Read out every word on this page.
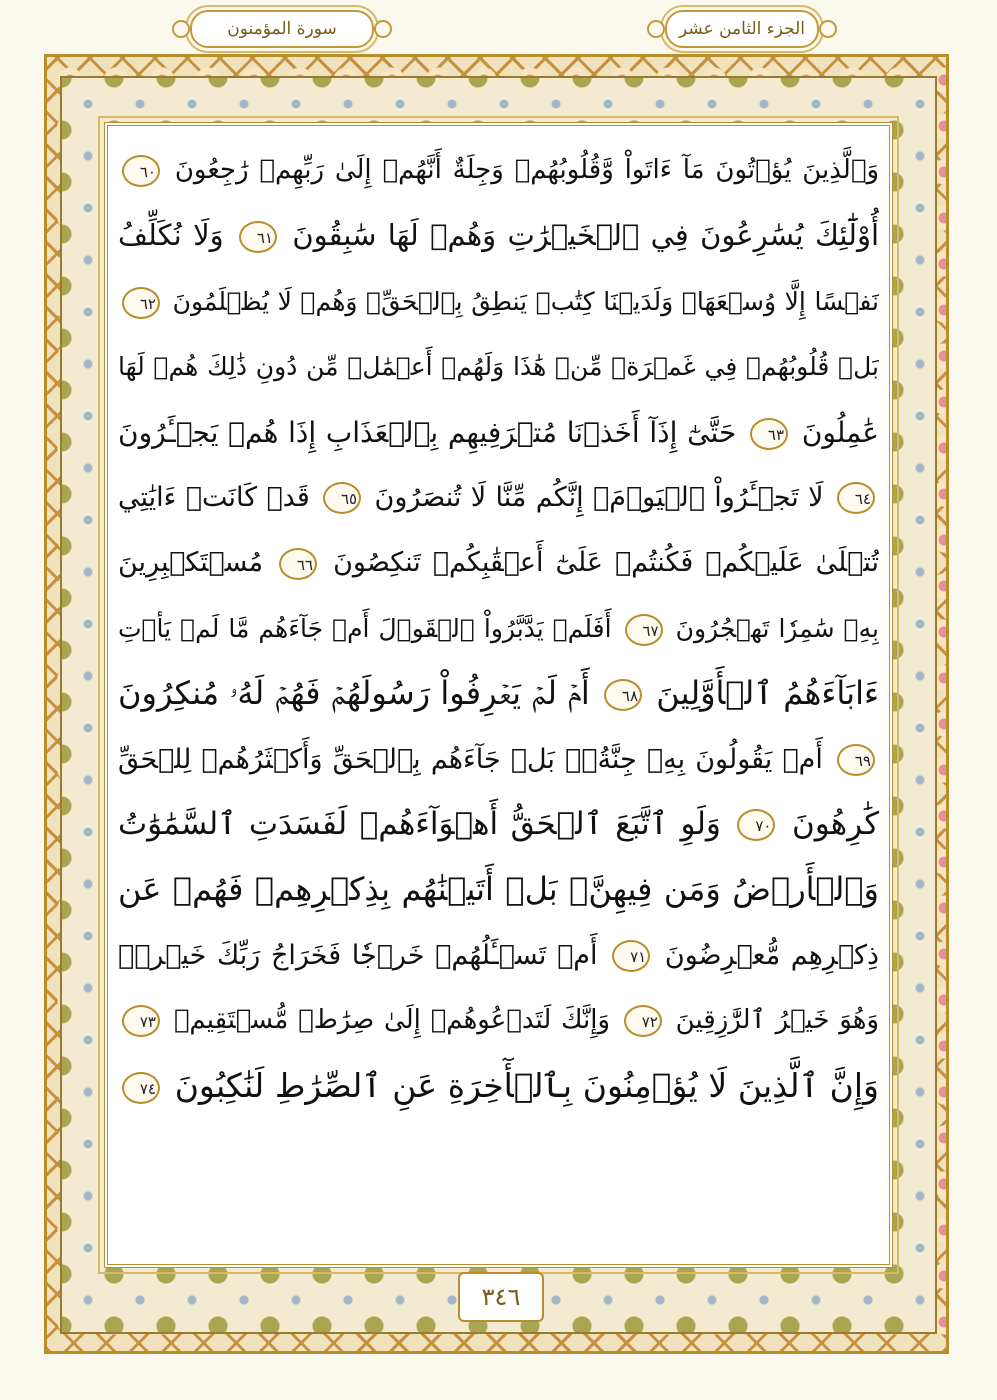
سورة المؤمنون	الجزء الثامن عشر
وَٱلَّذِينَ يُؤۡتُونَ مَآ ءَاتَواْ وَّقُلُوبُهُمۡ وَجِلَةٌ أَنَّهُمۡ إِلَىٰ رَبِّهِمۡ رَٰجِعُونَ ٦٠
أُوْلَٰٓئِكَ يُسَٰرِعُونَ فِي ٱلۡخَيۡرَٰتِ وَهُمۡ لَهَا سَٰبِقُونَ ٦١ وَلَا نُكَلِّفُ
نَفۡسًا إِلَّا وُسۡعَهَاۖ وَلَدَيۡنَا كِتَٰبٞ يَنطِقُ بِٱلۡحَقِّۚ وَهُمۡ لَا يُظۡلَمُونَ ٦٢
بَلۡ قُلُوبُهُمۡ فِي غَمۡرَةٖ مِّنۡ هَٰذَا وَلَهُمۡ أَعۡمَٰلٞ مِّن دُونِ ذَٰلِكَ هُمۡ لَهَا
عَٰمِلُونَ ٦٣ حَتَّىٰٓ إِذَآ أَخَذۡنَا مُتۡرَفِيهِم بِٱلۡعَذَابِ إِذَا هُمۡ يَجۡـَٔرُونَ
٦٤ لَا تَجۡـَٔرُواْ ٱلۡيَوۡمَۖ إِنَّكُم مِّنَّا لَا تُنصَرُونَ ٦٥ قَدۡ كَانَتۡ ءَايَٰتِي
تُتۡلَىٰ عَلَيۡكُمۡ فَكُنتُمۡ عَلَىٰٓ أَعۡقَٰبِكُمۡ تَنكِصُونَ ٦٦ مُسۡتَكۡبِرِينَ
بِهِۦ سَٰمِرٗا تَهۡجُرُونَ ٦٧ أَفَلَمۡ يَدَّبَّرُواْ ٱلۡقَوۡلَ أَمۡ جَآءَهُم مَّا لَمۡ يَأۡتِ
ءَابَآءَهُمُ ٱلۡأَوَّلِينَ ٦٨ أَمۡ لَمۡ يَعۡرِفُواْ رَسُولَهُمۡ فَهُمۡ لَهُۥ مُنكِرُونَ
٦٩ أَمۡ يَقُولُونَ بِهِۦ جِنَّةُۢۚ بَلۡ جَآءَهُم بِٱلۡحَقِّ وَأَكۡثَرُهُمۡ لِلۡحَقِّ
كَٰرِهُونَ ٧٠ وَلَوِ ٱتَّبَعَ ٱلۡحَقُّ أَهۡوَآءَهُمۡ لَفَسَدَتِ ٱلسَّمَٰوَٰتُ
وَٱلۡأَرۡضُ وَمَن فِيهِنَّۚ بَلۡ أَتَيۡنَٰهُم بِذِكۡرِهِمۡ فَهُمۡ عَن
ذِكۡرِهِم مُّعۡرِضُونَ ٧١ أَمۡ تَسۡـَٔلُهُمۡ خَرۡجٗا فَخَرَاجُ رَبِّكَ خَيۡرٞۖ
وَهُوَ خَيۡرُ ٱلرَّٰزِقِينَ ٧٢ وَإِنَّكَ لَتَدۡعُوهُمۡ إِلَىٰ صِرَٰطٖ مُّسۡتَقِيمٖ ٧٣
وَإِنَّ ٱلَّذِينَ لَا يُؤۡمِنُونَ بِٱلۡأٓخِرَةِ عَنِ ٱلصِّرَٰطِ لَنَٰكِبُونَ ٧٤
٣٤٦
